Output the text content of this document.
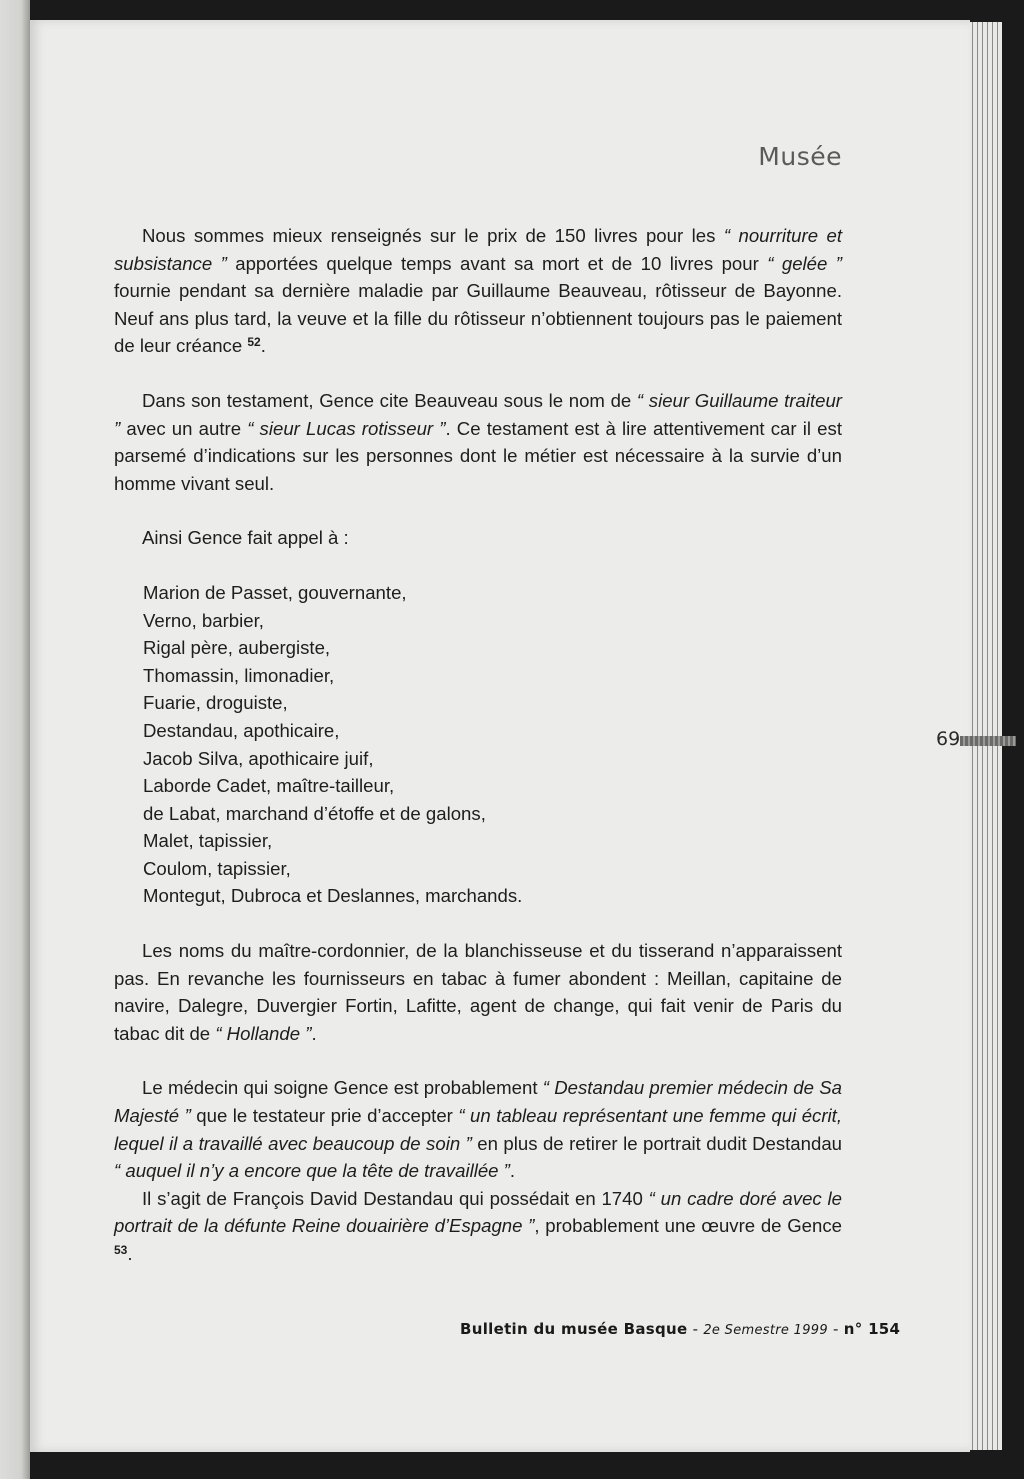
Musée
69

Nous sommes mieux renseignés sur le prix de 150 livres pour les “ nourriture et subsistance ” apportées quelque temps avant sa mort et de 10 livres pour “ gelée ” fournie pendant sa dernière maladie par Guillaume Beauveau, rôtisseur de Bayonne. Neuf ans plus tard, la veuve et la fille du rôtisseur n’obtiennent toujours pas le paiement de leur créance $^{52}$.

Dans son testament, Gence cite Beauveau sous le nom de “ sieur Guillaume traiteur ” avec un autre “ sieur Lucas rotisseur ”. Ce testament est à lire attentivement car il est parsemé d’indications sur les personnes dont le métier est nécessaire à la survie d’un homme vivant seul.

Ainsi Gence fait appel à :

Marion de Passet, gouvernante,
Verno, barbier,
Rigal père, aubergiste,
Thomassin, limonadier,
Fuarie, droguiste,
Destandau, apothicaire,
Jacob Silva, apothicaire juif,
Laborde Cadet, maître-tailleur,
de Labat, marchand d’étoffe et de galons,
Malet, tapissier,
Coulom, tapissier,
Montegut, Dubroca et Deslannes, marchands.

Les noms du maître-cordonnier, de la blanchisseuse et du tisserand n’apparaissent pas. En revanche les fournisseurs en tabac à fumer abondent : Meillan, capitaine de navire, Dalegre, Duvergier Fortin, Lafitte, agent de change, qui fait venir de Paris du tabac dit de “ Hollande ”.

Le médecin qui soigne Gence est probablement “ Destandau premier médecin de Sa Majesté ” que le testateur prie d’accepter “ un tableau représentant une femme qui écrit, lequel il a travaillé avec beaucoup de soin ” en plus de retirer le portrait dudit Destandau “ auquel il n’y a encore que la tête de travaillée ”.

Il s’agit de François David Destandau qui possédait en 1740 “ un cadre doré avec le portrait de la défunte Reine douairière d’Espagne ”, probablement une œuvre de Gence $^{53}$.

Bulletin du musée Basque - 2e Semestre 1999 - n° 154
